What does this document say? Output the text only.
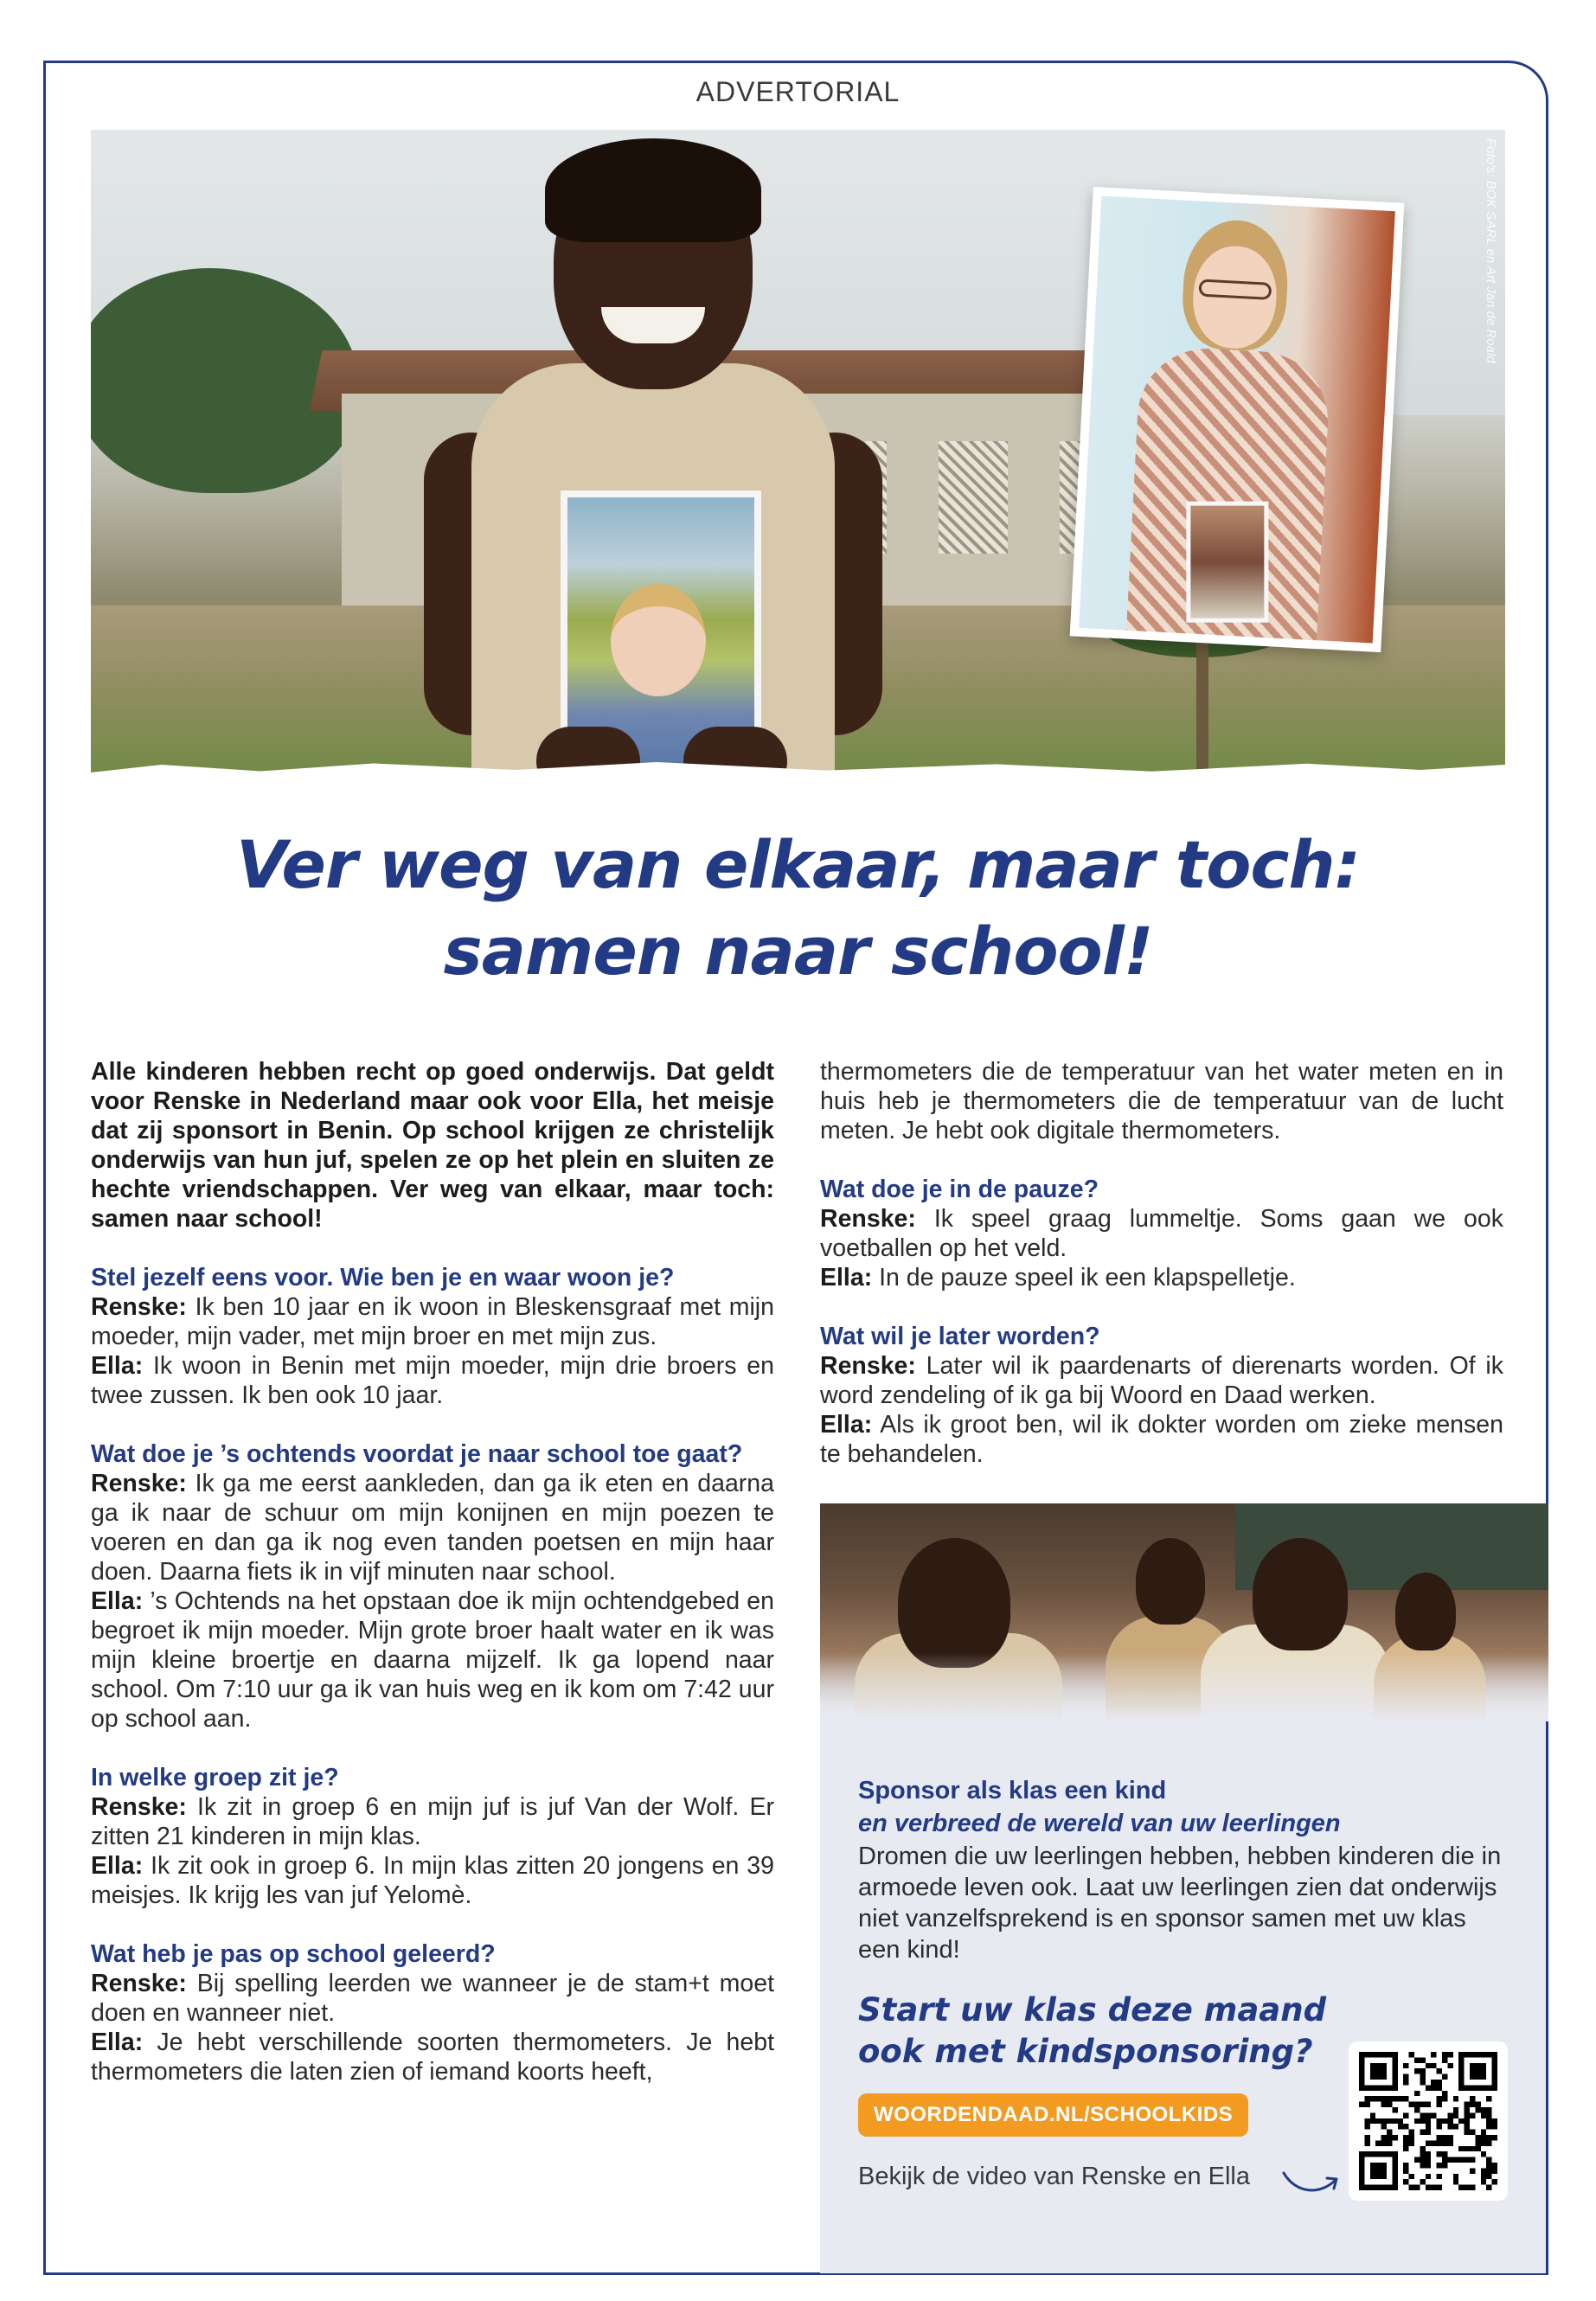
ADVERTORIAL
Foto's: BOK SARL en Art Jan de Roald
Ver weg van elkaar, maar toch:
samen naar school!

Alle kinderen hebben recht op goed onderwijs. Dat geldt voor Renske in Nederland maar ook voor Ella, het meisje dat zij sponsort in Benin. Op school krijgen ze christelijk onderwijs van hun juf, spelen ze op het plein en sluiten ze hechte vriendschappen. Ver weg van elkaar, maar toch: samen naar school!

Stel jezelf eens voor. Wie ben je en waar woon je?

Renske: Ik ben 10 jaar en ik woon in Bleskensgraaf met mijn moeder, mijn vader, met mijn broer en met mijn zus.

Ella: Ik woon in Benin met mijn moeder, mijn drie broers en twee zussen. Ik ben ook 10 jaar.

Wat doe je ’s ochtends voordat je naar school toe gaat?

Renske: Ik ga me eerst aankleden, dan ga ik eten en daarna ga ik naar de schuur om mijn konijnen en mijn poezen te voeren en dan ga ik nog even tanden poetsen en mijn haar doen. Daarna fiets ik in vijf minuten naar school.

Ella: ’s Ochtends na het opstaan doe ik mijn ochtendgebed en begroet ik mijn moeder. Mijn grote broer haalt water en ik was mijn kleine broertje en daarna mijzelf. Ik ga lopend naar school. Om 7:10 uur ga ik van huis weg en ik kom om 7:42 uur op school aan.

In welke groep zit je?

Renske: Ik zit in groep 6 en mijn juf is juf Van der Wolf. Er zitten 21 kinderen in mijn klas.

Ella: Ik zit ook in groep 6. In mijn klas zitten 20 jongens en 39 meisjes. Ik krijg les van juf Yelomè.

Wat heb je pas op school geleerd?

Renske: Bij spelling leerden we wanneer je de stam+t moet doen en wanneer niet.

Ella: Je hebt verschillende soorten thermometers. Je hebt thermometers die laten zien of iemand koorts heeft,

thermometers die de temperatuur van het water meten en in huis heb je thermometers die de temperatuur van de lucht meten. Je hebt ook digitale thermometers.

Wat doe je in de pauze?

Renske: Ik speel graag lummeltje. Soms gaan we ook voetballen op het veld.

Ella: In de pauze speel ik een klapspelletje.

Wat wil je later worden?

Renske: Later wil ik paardenarts of dierenarts worden. Of ik word zendeling of ik ga bij Woord en Daad werken.

Ella: Als ik groot ben, wil ik dokter worden om zieke mensen te behandelen.

Sponsor als klas een kind
en verbreed de wereld van uw leerlingen
Dromen die uw leerlingen hebben, hebben kinderen die in armoede leven ook. Laat uw leerlingen zien dat onderwijs niet vanzelfsprekend is en sponsor samen met uw klas een kind!
Start uw klas deze maand
ook met kindsponsoring?
WOORDENDAAD.NL/SCHOOLKIDS
Bekijk de video van Renske en Ella
